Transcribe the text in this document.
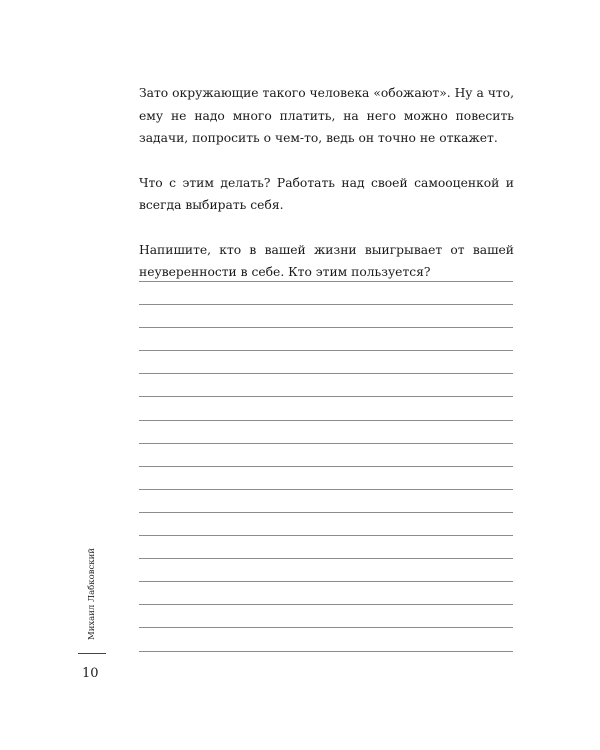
Зато окружающие такого человека «обожают». Ну а что, ему не надо много платить, на него можно повесить задачи, попросить о чем-то, ведь он точно не откажет.

Что с этим делать? Работать над своей самооценкой и всегда выбирать себя.

Напишите, кто в вашей жизни выигрывает от вашей неуверенности в себе. Кто этим пользуется?

Михаил Лабковский
10
